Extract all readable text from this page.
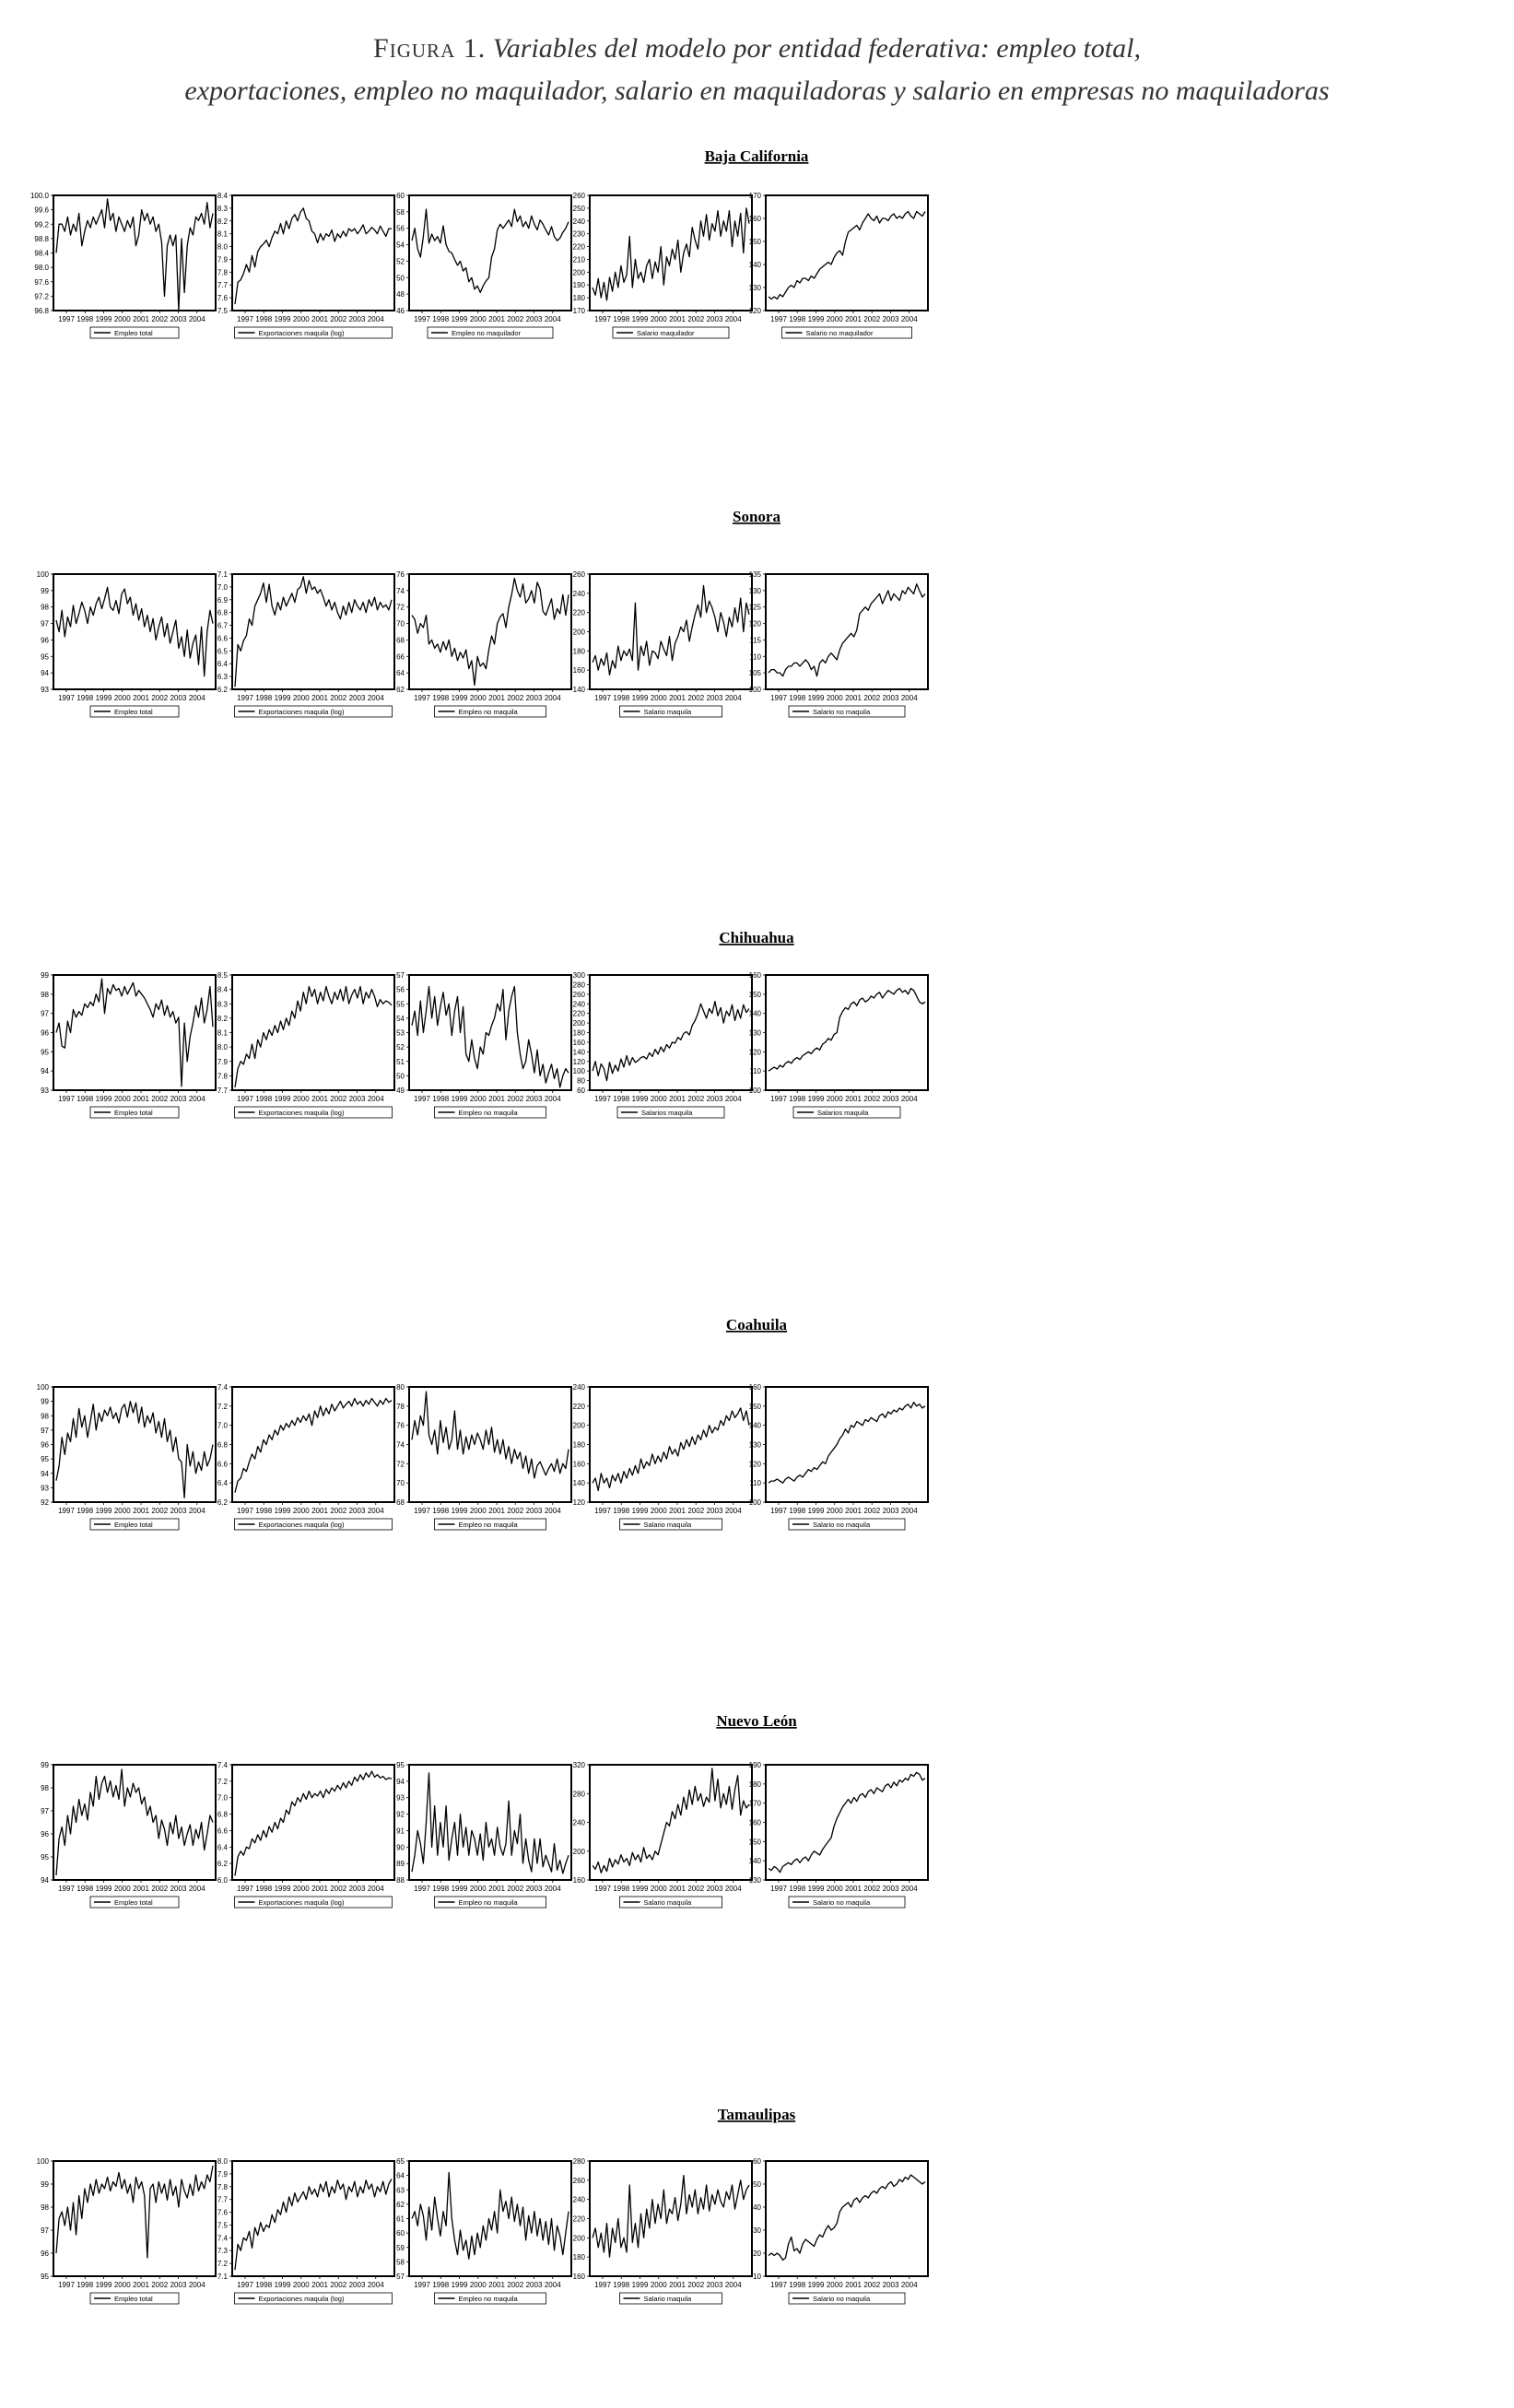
Figura 1. Variables del modelo por entidad federativa: empleo total,
exportaciones, empleo no maquilador, salario en maquiladoras y salario en empresas no maquiladoras
Baja California
96.8
97.2
97.6
98.0
98.4
98.8
99.2
99.6
100.0
1997 1998 1999 2000 2001 2002 2003 2004
Empleo total
7.5
7.6
7.7
7.8
7.9
8.0
8.1
8.2
8.3
8.4
1997 1998 1999 2000 2001 2002 2003 2004
Exportaciones maquila (log)
46
48
50
52
54
56
58
60
1997 1998 1999 2000 2001 2002 2003 2004
Empleo no maquilador
170
180
190
200
210
220
230
240
250
260
1997 1998 1999 2000 2001 2002 2003 2004
Salario maquilador
120
130
140
150
160
170
1997 1998 1999 2000 2001 2002 2003 2004
Salario no maquilador
Sonora
93
94
95
96
97
98
99
100
1997 1998 1999 2000 2001 2002 2003 2004
Empleo total
6.2
6.3
6.4
6.5
6.6
6.7
6.8
6.9
7.0
7.1
1997 1998 1999 2000 2001 2002 2003 2004
Exportaciones maquila (log)
62
64
66
68
70
72
74
76
1997 1998 1999 2000 2001 2002 2003 2004
Empleo no maquila
140
160
180
200
220
240
260
1997 1998 1999 2000 2001 2002 2003 2004
Salario maquila
100
105
110
115
120
125
130
135
1997 1998 1999 2000 2001 2002 2003 2004
Salario no maquila
Chihuahua
93
94
95
96
97
98
99
1997 1998 1999 2000 2001 2002 2003 2004
Empleo total
7.7
7.8
7.9
8.0
8.1
8.2
8.3
8.4
8.5
1997 1998 1999 2000 2001 2002 2003 2004
Exportaciones maquila (log)
49
50
51
52
53
54
55
56
57
1997 1998 1999 2000 2001 2002 2003 2004
Empleo no maquila
60
80
100
120
140
160
180
200
220
240
260
280
300
1997 1998 1999 2000 2001 2002 2003 2004
Salarios maquila
100
110
120
130
140
150
160
1997 1998 1999 2000 2001 2002 2003 2004
Salarios maquila
Coahuila
92
93
94
95
96
97
98
99
100
1997 1998 1999 2000 2001 2002 2003 2004
Empleo total
6.2
6.4
6.6
6.8
7.0
7.2
7.4
1997 1998 1999 2000 2001 2002 2003 2004
Exportaciones maquila (log)
68
70
72
74
76
78
80
1997 1998 1999 2000 2001 2002 2003 2004
Empleo no maquila
120
140
160
180
200
220
240
1997 1998 1999 2000 2001 2002 2003 2004
Salario maquila
100
110
120
130
140
150
160
1997 1998 1999 2000 2001 2002 2003 2004
Salario no maquila
Nuevo León
94
95
96
97
98
99
1997 1998 1999 2000 2001 2002 2003 2004
Empleo total
6.0
6.2
6.4
6.6
6.8
7.0
7.2
7.4
1997 1998 1999 2000 2001 2002 2003 2004
Exportaciones maquila (log)
88
89
90
91
92
93
94
95
1997 1998 1999 2000 2001 2002 2003 2004
Empleo no maquila
160
200
240
280
320
1997 1998 1999 2000 2001 2002 2003 2004
Salario maquila
130
140
150
160
170
180
190
1997 1998 1999 2000 2001 2002 2003 2004
Salario no maquila
Tamaulipas
95
96
97
98
99
100
1997 1998 1999 2000 2001 2002 2003 2004
Empleo total
7.1
7.2
7.3
7.4
7.5
7.6
7.7
7.8
7.9
8.0
1997 1998 1999 2000 2001 2002 2003 2004
Exportaciones maquila (log)
57
58
59
60
61
62
63
64
65
1997 1998 1999 2000 2001 2002 2003 2004
Empleo no maquila
160
180
200
220
240
260
280
1997 1998 1999 2000 2001 2002 2003 2004
Salario maquila
10
20
30
40
50
60
1997 1998 1999 2000 2001 2002 2003 2004
Salario no maquila
